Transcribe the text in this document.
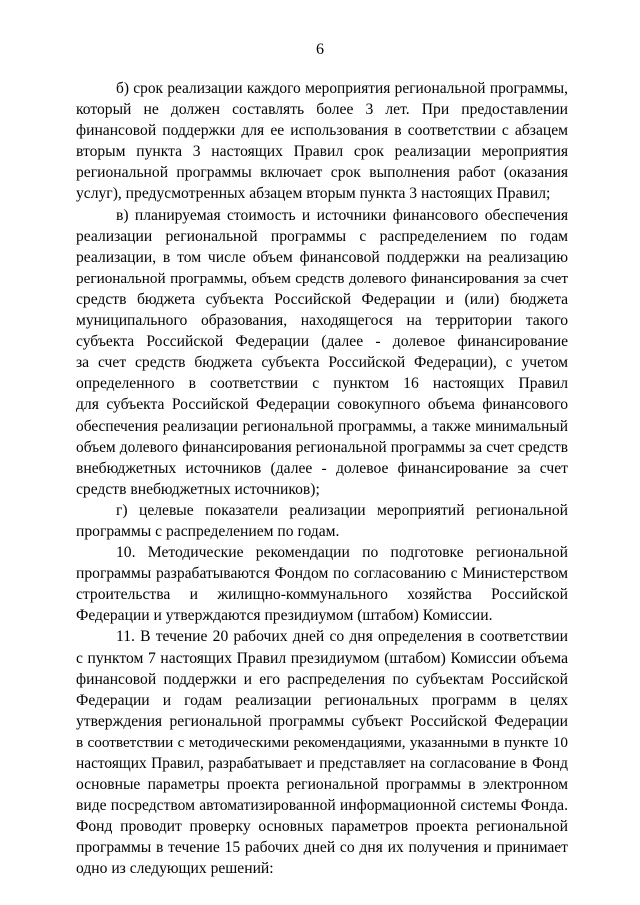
6

б) срок реализации каждого мероприятия региональной программы,
который не должен составлять более 3 лет. При предоставлении
финансовой поддержки для ее использования в соответствии с абзацем
вторым пункта 3 настоящих Правил срок реализации мероприятия
региональной программы включает срок выполнения работ (оказания
услуг), предусмотренных абзацем вторым пункта 3 настоящих Правил;

в) планируемая стоимость и источники финансового обеспечения
реализации региональной программы с распределением по годам
реализации, в том числе объем финансовой поддержки на реализацию
региональной программы, объем средств долевого финансирования за счет
средств бюджета субъекта Российской Федерации и (или) бюджета
муниципального образования, находящегося на территории такого
субъекта Российской Федерации (далее - долевое финансирование
за счет средств бюджета субъекта Российской Федерации), с учетом
определенного в соответствии с пунктом 16 настоящих Правил
для субъекта Российской Федерации совокупного объема финансового
обеспечения реализации региональной программы, а также минимальный
объем долевого финансирования региональной программы за счет средств
внебюджетных источников (далее - долевое финансирование за счет
средств внебюджетных источников);

г) целевые показатели реализации мероприятий региональной
программы с распределением по годам.

10. Методические рекомендации по подготовке региональной
программы разрабатываются Фондом по согласованию с Министерством
строительства и жилищно-коммунального хозяйства Российской
Федерации и утверждаются президиумом (штабом) Комиссии.

11. В течение 20 рабочих дней со дня определения в соответствии
с пунктом 7 настоящих Правил президиумом (штабом) Комиссии объема
финансовой поддержки и его распределения по субъектам Российской
Федерации и годам реализации региональных программ в целях
утверждения региональной программы субъект Российской Федерации
в соответствии с методическими рекомендациями, указанными в пункте 10
настоящих Правил, разрабатывает и представляет на согласование в Фонд
основные параметры проекта региональной программы в электронном
виде посредством автоматизированной информационной системы Фонда.
Фонд проводит проверку основных параметров проекта региональной
программы в течение 15 рабочих дней со дня их получения и принимает
одно из следующих решений:
